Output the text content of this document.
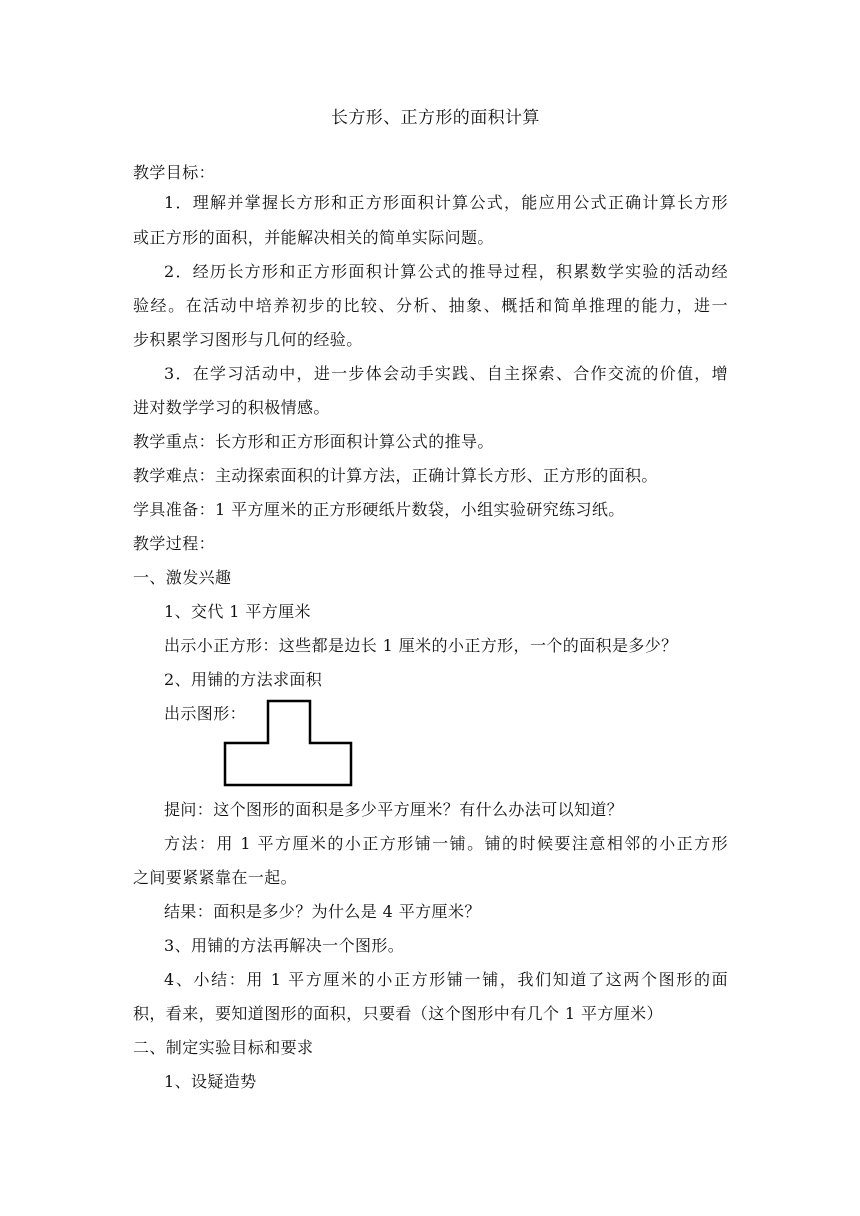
长方形、正方形的面积计算
教学目标：
1．理解并掌握长方形和正方形面积计算公式，能应用公式正确计算长方形
或正方形的面积，并能解决相关的简单实际问题。
2．经历长方形和正方形面积计算公式的推导过程，积累数学实验的活动经
验经。在活动中培养初步的比较、分析、抽象、概括和简单推理的能力，进一
步积累学习图形与几何的经验。
3．在学习活动中，进一步体会动手实践、自主探索、合作交流的价值，增
进对数学学习的积极情感。
教学重点：长方形和正方形面积计算公式的推导。
教学难点：主动探索面积的计算方法，正确计算长方形、正方形的面积。
学具准备：1 平方厘米的正方形硬纸片数袋，小组实验研究练习纸。
教学过程：
一、激发兴趣
1、交代 1 平方厘米
出示小正方形：这些都是边长 1 厘米的小正方形，一个的面积是多少？
2、用铺的方法求面积
出示图形：
提问：这个图形的面积是多少平方厘米？有什么办法可以知道？
方法：用 1 平方厘米的小正方形铺一铺。铺的时候要注意相邻的小正方形
之间要紧紧靠在一起。
结果：面积是多少？为什么是 4 平方厘米？
3、用铺的方法再解决一个图形。
4、小结：用 1 平方厘米的小正方形铺一铺，我们知道了这两个图形的面
积，看来，要知道图形的面积，只要看（这个图形中有几个 1 平方厘米）
二、制定实验目标和要求
1、设疑造势
